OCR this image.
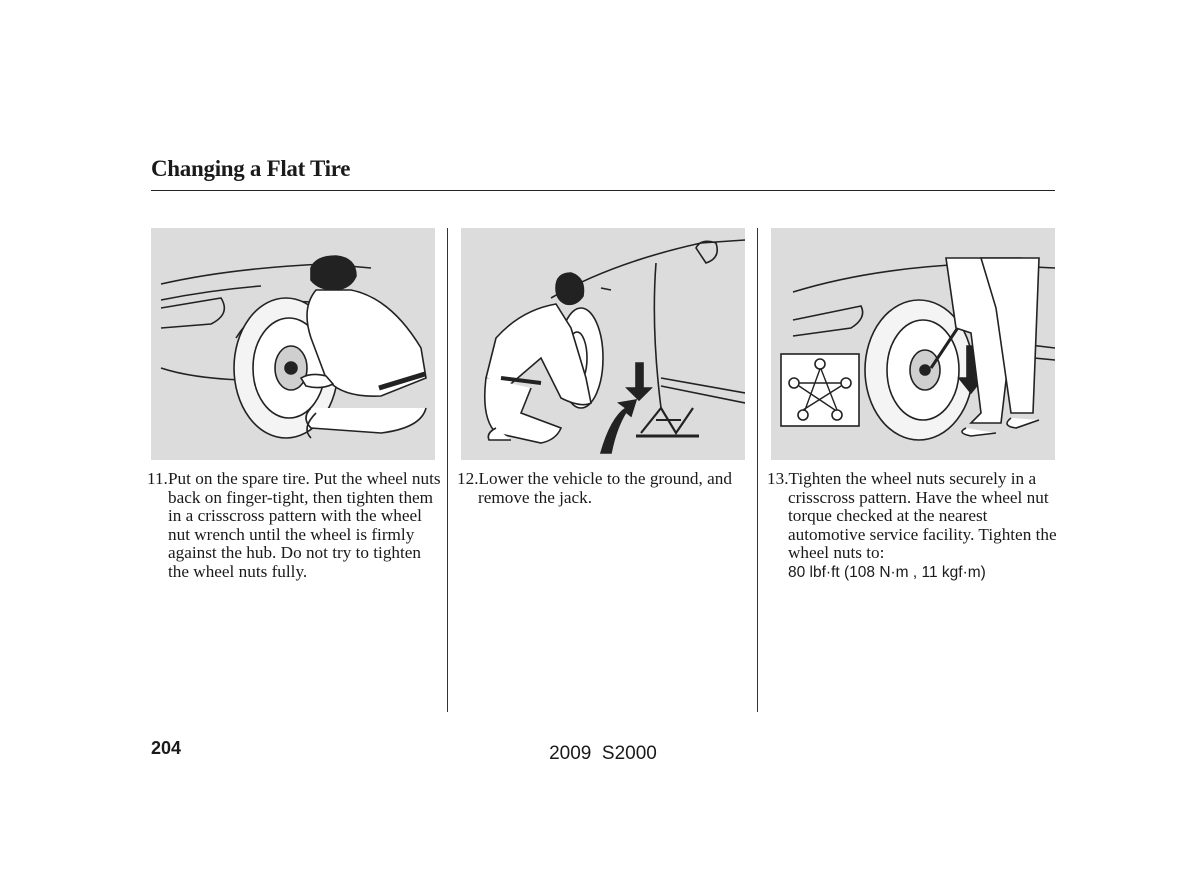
Changing a Flat Tire
11. Put on the spare tire. Put the wheel nuts back on finger-tight, then tighten them in a crisscross pattern with the wheel nut wrench until the wheel is firmly against the hub. Do not try to tighten the wheel nuts fully.
12. Lower the vehicle to the ground, and remove the jack.
13. Tighten the wheel nuts securely in a crisscross pattern. Have the wheel nut torque checked at the nearest automotive service facility. Tighten the wheel nuts to:
80 lbf·ft (108 N·m , 11 kgf·m)
204	2009  S2000
